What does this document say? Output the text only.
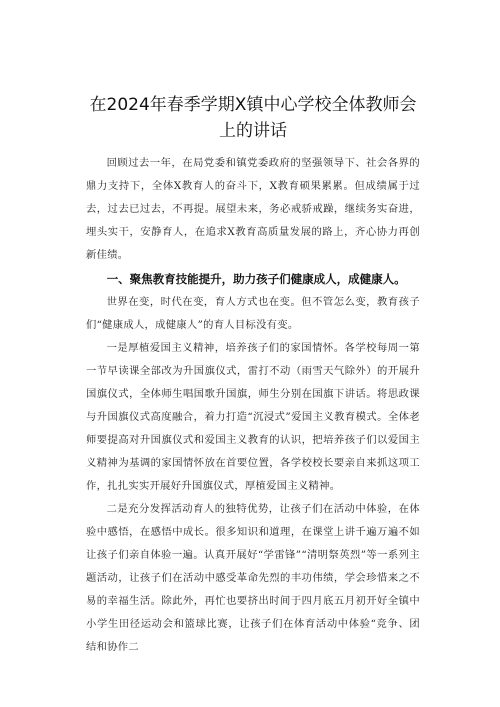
在2024年春季学期X镇中心学校全体教师会
上的讲话

回顾过去一年，在局党委和镇党委政府的坚强领导下、社会各界的鼎力支持下，全体X教育人的奋斗下，X教育硕果累累。但成绩属于过去，过去已过去，不再提。展望未来，务必戒骄戒躁，继续务实奋进，埋头实干，安静育人，在追求X教育高质量发展的路上，齐心协力再创新佳绩。

一、聚焦教育技能提升，助力孩子们健康成人，成健康人。

世界在变，时代在变，育人方式也在变。但不管怎么变，教育孩子们“健康成人，成健康人”的育人目标没有变。

一是厚植爱国主义精神，培养孩子们的家国情怀。各学校每周一第一节早读课全部改为升国旗仪式，雷打不动（雨雪天气除外）的开展升国旗仪式，全体师生唱国歌升国旗，师生分别在国旗下讲话。将思政课与升国旗仪式高度融合，着力打造“沉浸式”爱国主义教育模式。全体老师要提高对升国旗仪式和爱国主义教育的认识，把培养孩子们以爱国主义精神为基调的家国情怀放在首要位置，各学校校长要亲自来抓这项工作，扎扎实实开展好升国旗仪式，厚植爱国主义精神。

二是充分发挥活动育人的独特优势，让孩子们在活动中体验，在体验中感悟，在感悟中成长。很多知识和道理，在课堂上讲千遍万遍不如让孩子们亲自体验一遍。认真开展好“学雷锋”“清明祭英烈”等一系列主题活动，让孩子们在活动中感受革命先烈的丰功伟绩，学会珍惜来之不易的幸福生活。除此外，再忙也要挤出时间于四月底五月初开好全镇中小学生田径运动会和篮球比赛，让孩子们在体育活动中体验“竞争、团结和协作二
